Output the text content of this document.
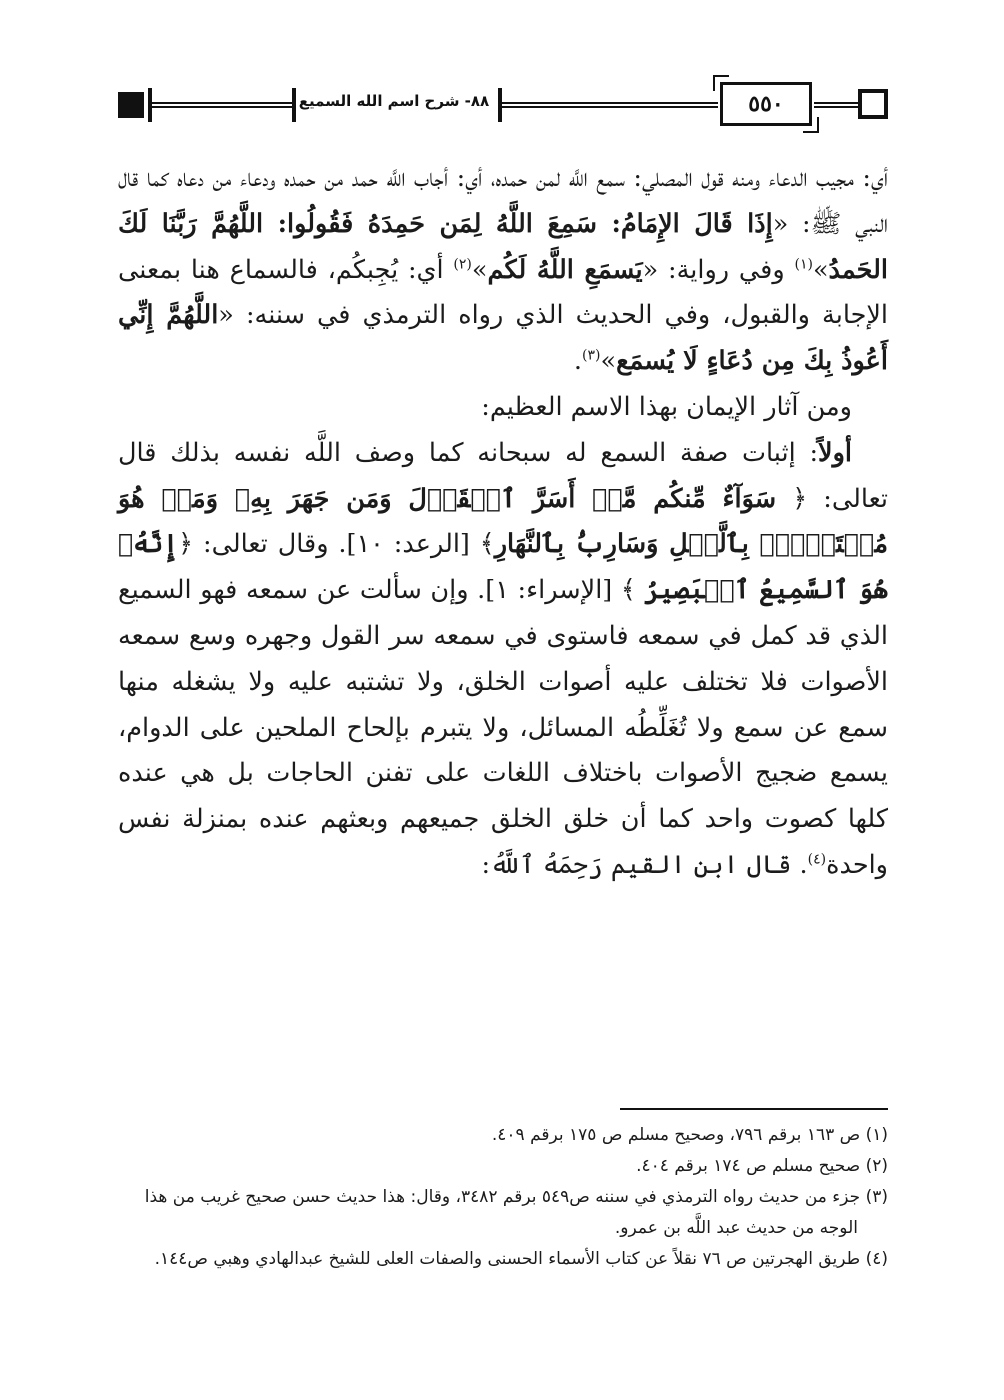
٨٨- شرح اسم الله السميع	٥٥٠

أي: مجيب الدعاء ومنه قول المصلي: سمع اللَّه لمن حمده، أي: أجاب اللَّه حمد من حمده ودعاء من دعاه كما قال النبي ﷺ: «إِذَا قَالَ الإِمَامُ: سَمِعَ اللَّهُ لِمَن حَمِدَهُ فَقُولُوا: اللَّهُمَّ رَبَّنَا لَكَ الحَمدُ»$^{(١)}$ وفي رواية: «يَسمَعِ اللَّهُ لَكُم»$^{(٢)}$ أي: يُجِبكُم، فالسماع هنا بمعنى الإجابة والقبول، وفي الحديث الذي رواه الترمذي في سننه: «اللَّهُمَّ إِنِّي أَعُوذُ بِكَ مِن دُعَاءٍ لَا يُسمَع»$^{(٣)}$.

ومن آثار الإيمان بهذا الاسم العظيم:

أولاً: إثبات صفة السمع له سبحانه كما وصف اللَّه نفسه بذلك قال تعالى: ﴿ سَوَآءٌ مِّنكُم مَّنۡ أَسَرَّ ٱلۡقَوۡلَ وَمَن جَهَرَ بِهِۦ وَمَنۡ هُوَ مُسۡتَخۡفِۭ بِٱلَّيۡلِ وَسَارِبُۢ بِٱلنَّهَارِ﴾ [الرعد: ١٠]. وقال تعالى: ﴿إِنَّهُۥ هُوَ ٱلسَّمِيعُ ٱلۡبَصِيرُ ﴾ [الإسراء: ١]. وإن سألت عن سمعه فهو السميع الذي قد كمل في سمعه فاستوى في سمعه سر القول وجهره وسع سمعه الأصوات فلا تختلف عليه أصوات الخلق، ولا تشتبه عليه ولا يشغله منها سمع عن سمع ولا تُغَلِّطُه المسائل، ولا يتبرم بإلحاح الملحين على الدوام، يسمع ضجيج الأصوات باختلاف اللغات على تفنن الحاجات بل هي عنده كلها كصوت واحد كما أن خلق الخلق جميعهم وبعثهم عنده بمنزلة نفس واحدة$^{(٤)}$. قال ابن القيم رَحِمَهُ ٱللَّهُ:

(١) ص ١٦٣ برقم ٧٩٦، وصحيح مسلم ص ١٧٥ برقم ٤٠٩.

(٢) صحيح مسلم ص ١٧٤ برقم ٤٠٤.

(٣) جزء من حديث رواه الترمذي في سننه ص٥٤٩ برقم ٣٤٨٢، وقال: هذا حديث حسن صحيح غريب من هذا الوجه من حديث عبد اللَّه بن عمرو.

(٤) طريق الهجرتين ص ٧٦ نقلاً عن كتاب الأسماء الحسنى والصفات العلى للشيخ عبدالهادي وهبي ص١٤٤.
